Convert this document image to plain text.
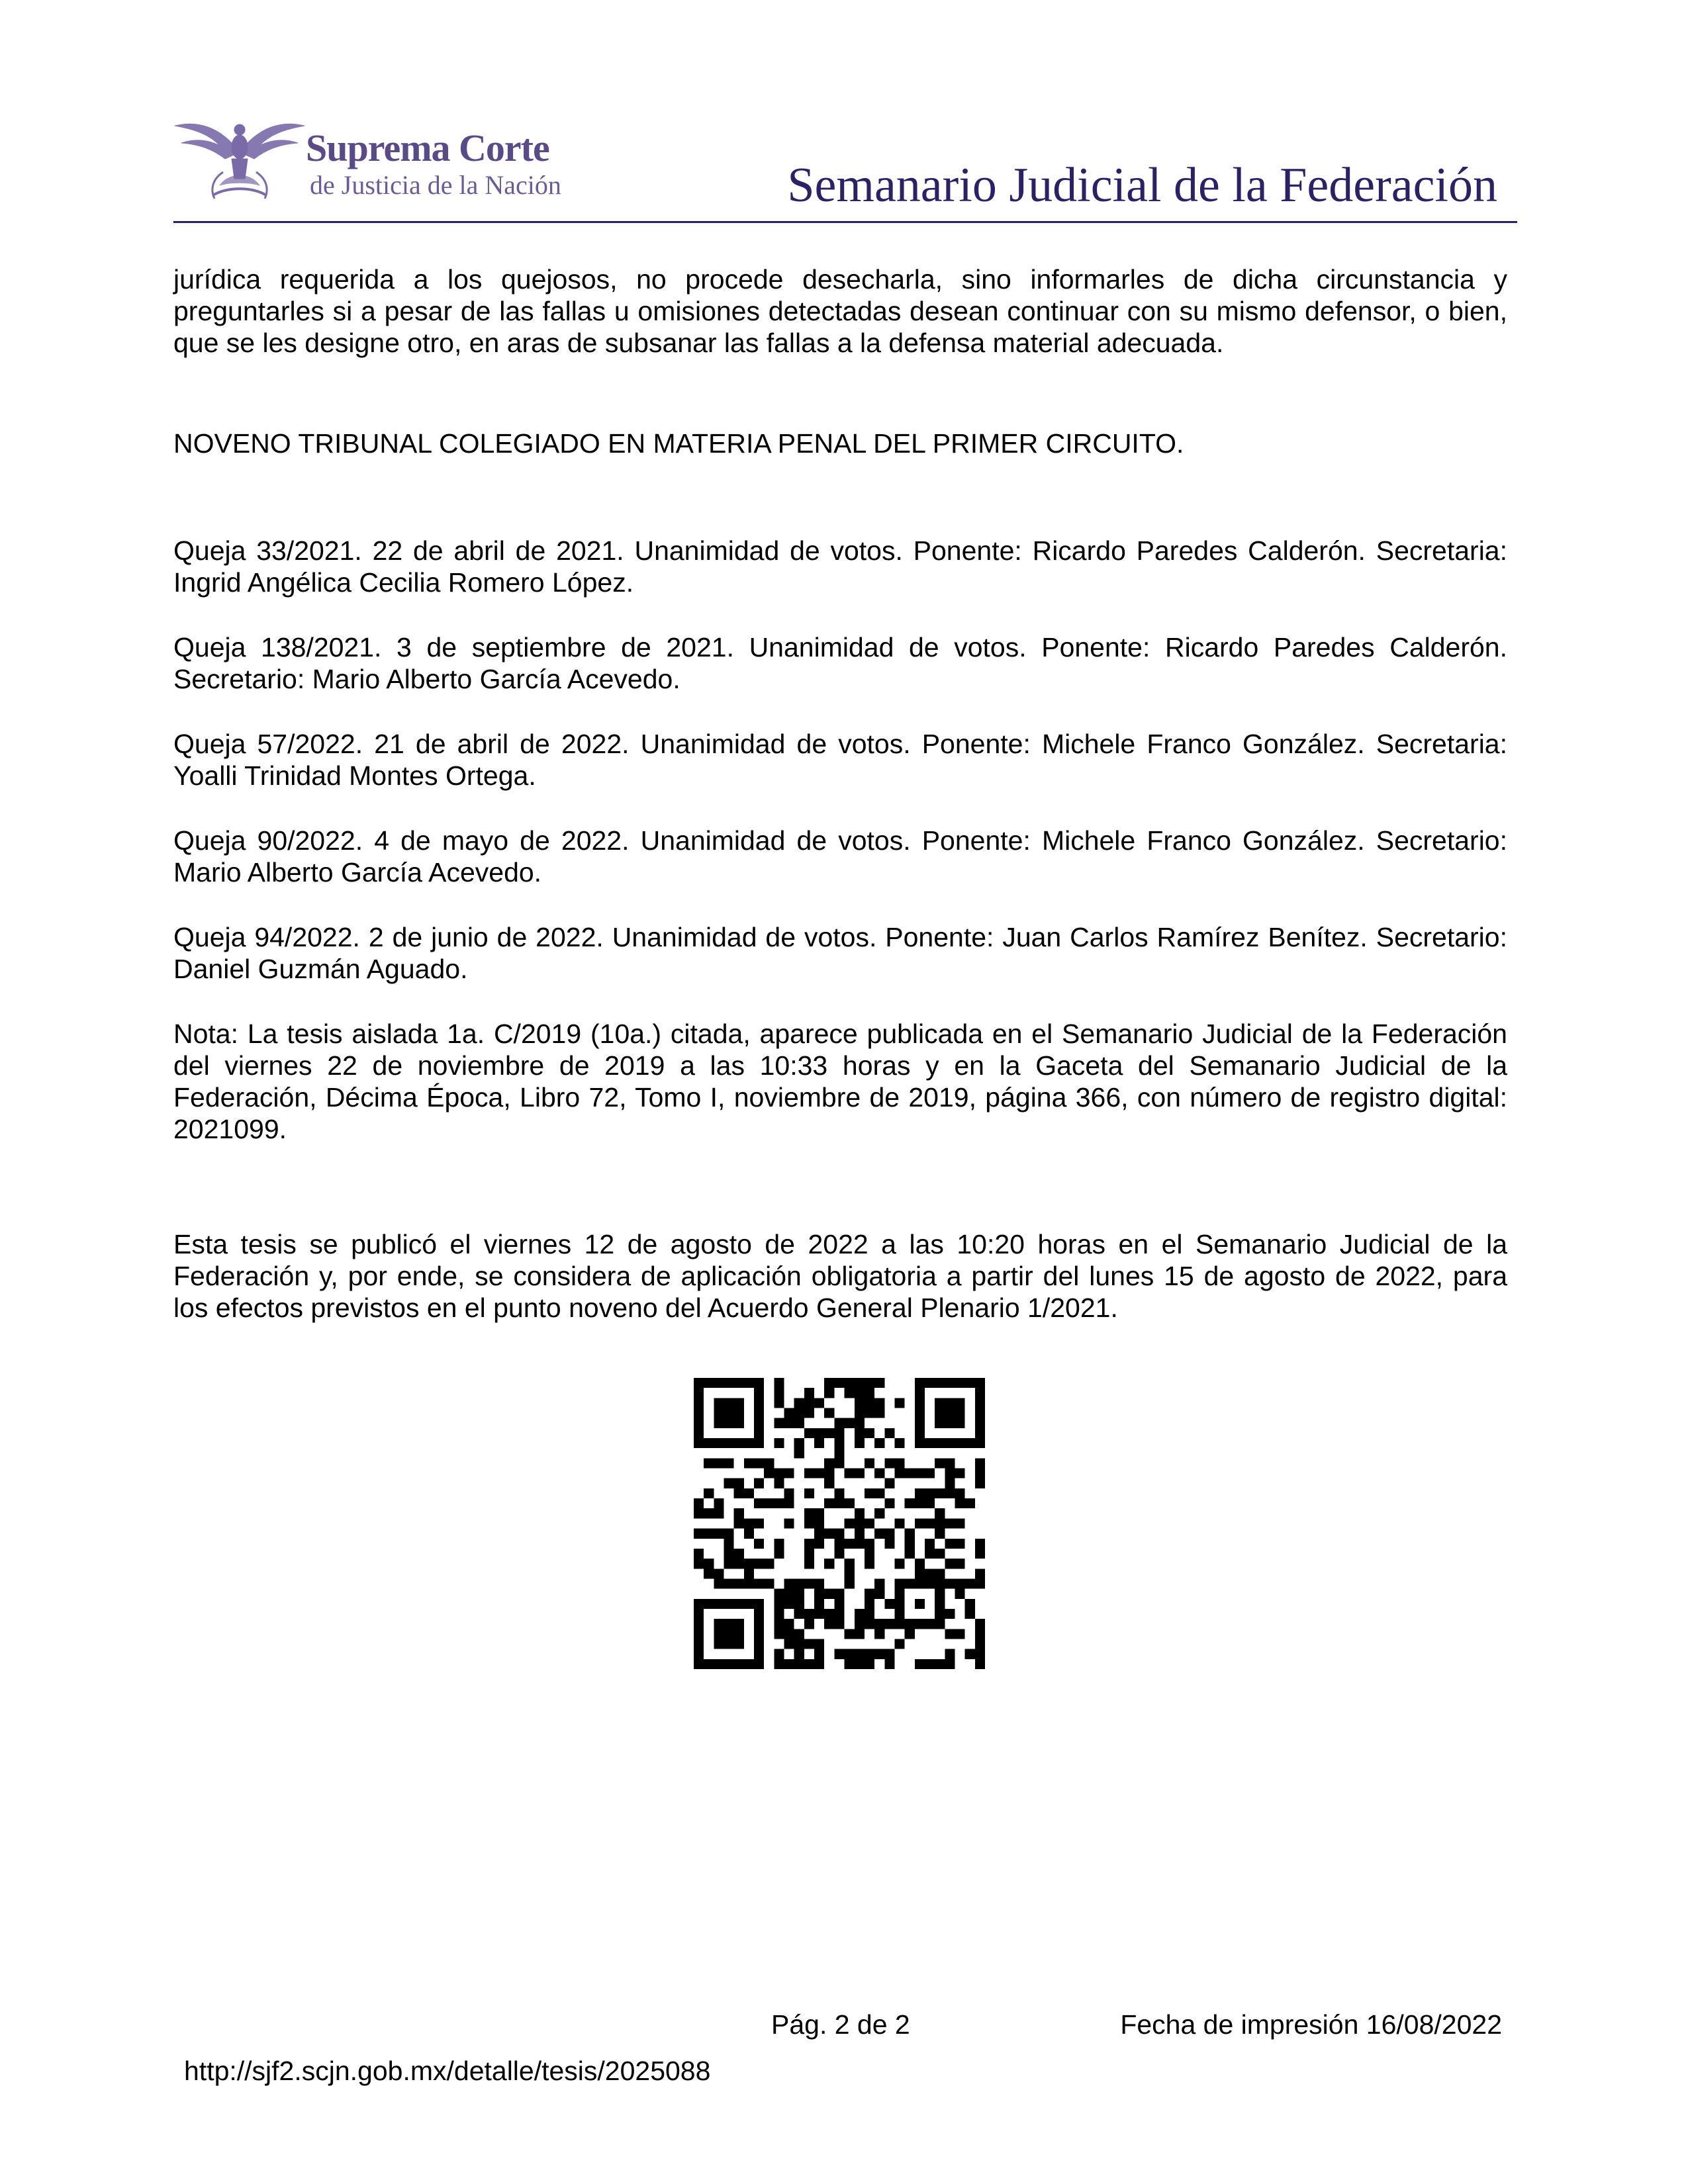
Suprema Corte
de Justicia de la Nación	Semanario Judicial de la Federación

jurídica requerida a los quejosos, no procede desecharla, sino informarles de dicha circunstancia y preguntarles si a pesar de las fallas u omisiones detectadas desean continuar con su mismo defensor, o bien, que se les designe otro, en aras de subsanar las fallas a la defensa material adecuada.

NOVENO TRIBUNAL COLEGIADO EN MATERIA PENAL DEL PRIMER CIRCUITO.

Queja 33/2021. 22 de abril de 2021. Unanimidad de votos. Ponente: Ricardo Paredes Calderón. Secretaria: Ingrid Angélica Cecilia Romero López.

Queja 138/2021. 3 de septiembre de 2021. Unanimidad de votos. Ponente: Ricardo Paredes Calderón. Secretario: Mario Alberto García Acevedo.

Queja 57/2022. 21 de abril de 2022. Unanimidad de votos. Ponente: Michele Franco González. Secretaria: Yoalli Trinidad Montes Ortega.

Queja 90/2022. 4 de mayo de 2022. Unanimidad de votos. Ponente: Michele Franco González. Secretario: Mario Alberto García Acevedo.

Queja 94/2022. 2 de junio de 2022. Unanimidad de votos. Ponente: Juan Carlos Ramírez Benítez. Secretario: Daniel Guzmán Aguado.

Nota: La tesis aislada 1a. C/2019 (10a.) citada, aparece publicada en el Semanario Judicial de la Federación del viernes 22 de noviembre de 2019 a las 10:33 horas y en la Gaceta del Semanario Judicial de la Federación, Décima Época, Libro 72, Tomo I, noviembre de 2019, página 366, con número de registro digital: 2021099.

Esta tesis se publicó el viernes 12 de agosto de 2022 a las 10:20 horas en el Semanario Judicial de la Federación y, por ende, se considera de aplicación obligatoria a partir del lunes 15 de agosto de 2022, para los efectos previstos en el punto noveno del Acuerdo General Plenario 1/2021.

Pág. 2 de 2	Fecha de impresión 16/08/2022
http://sjf2.scjn.gob.mx/detalle/tesis/2025088
